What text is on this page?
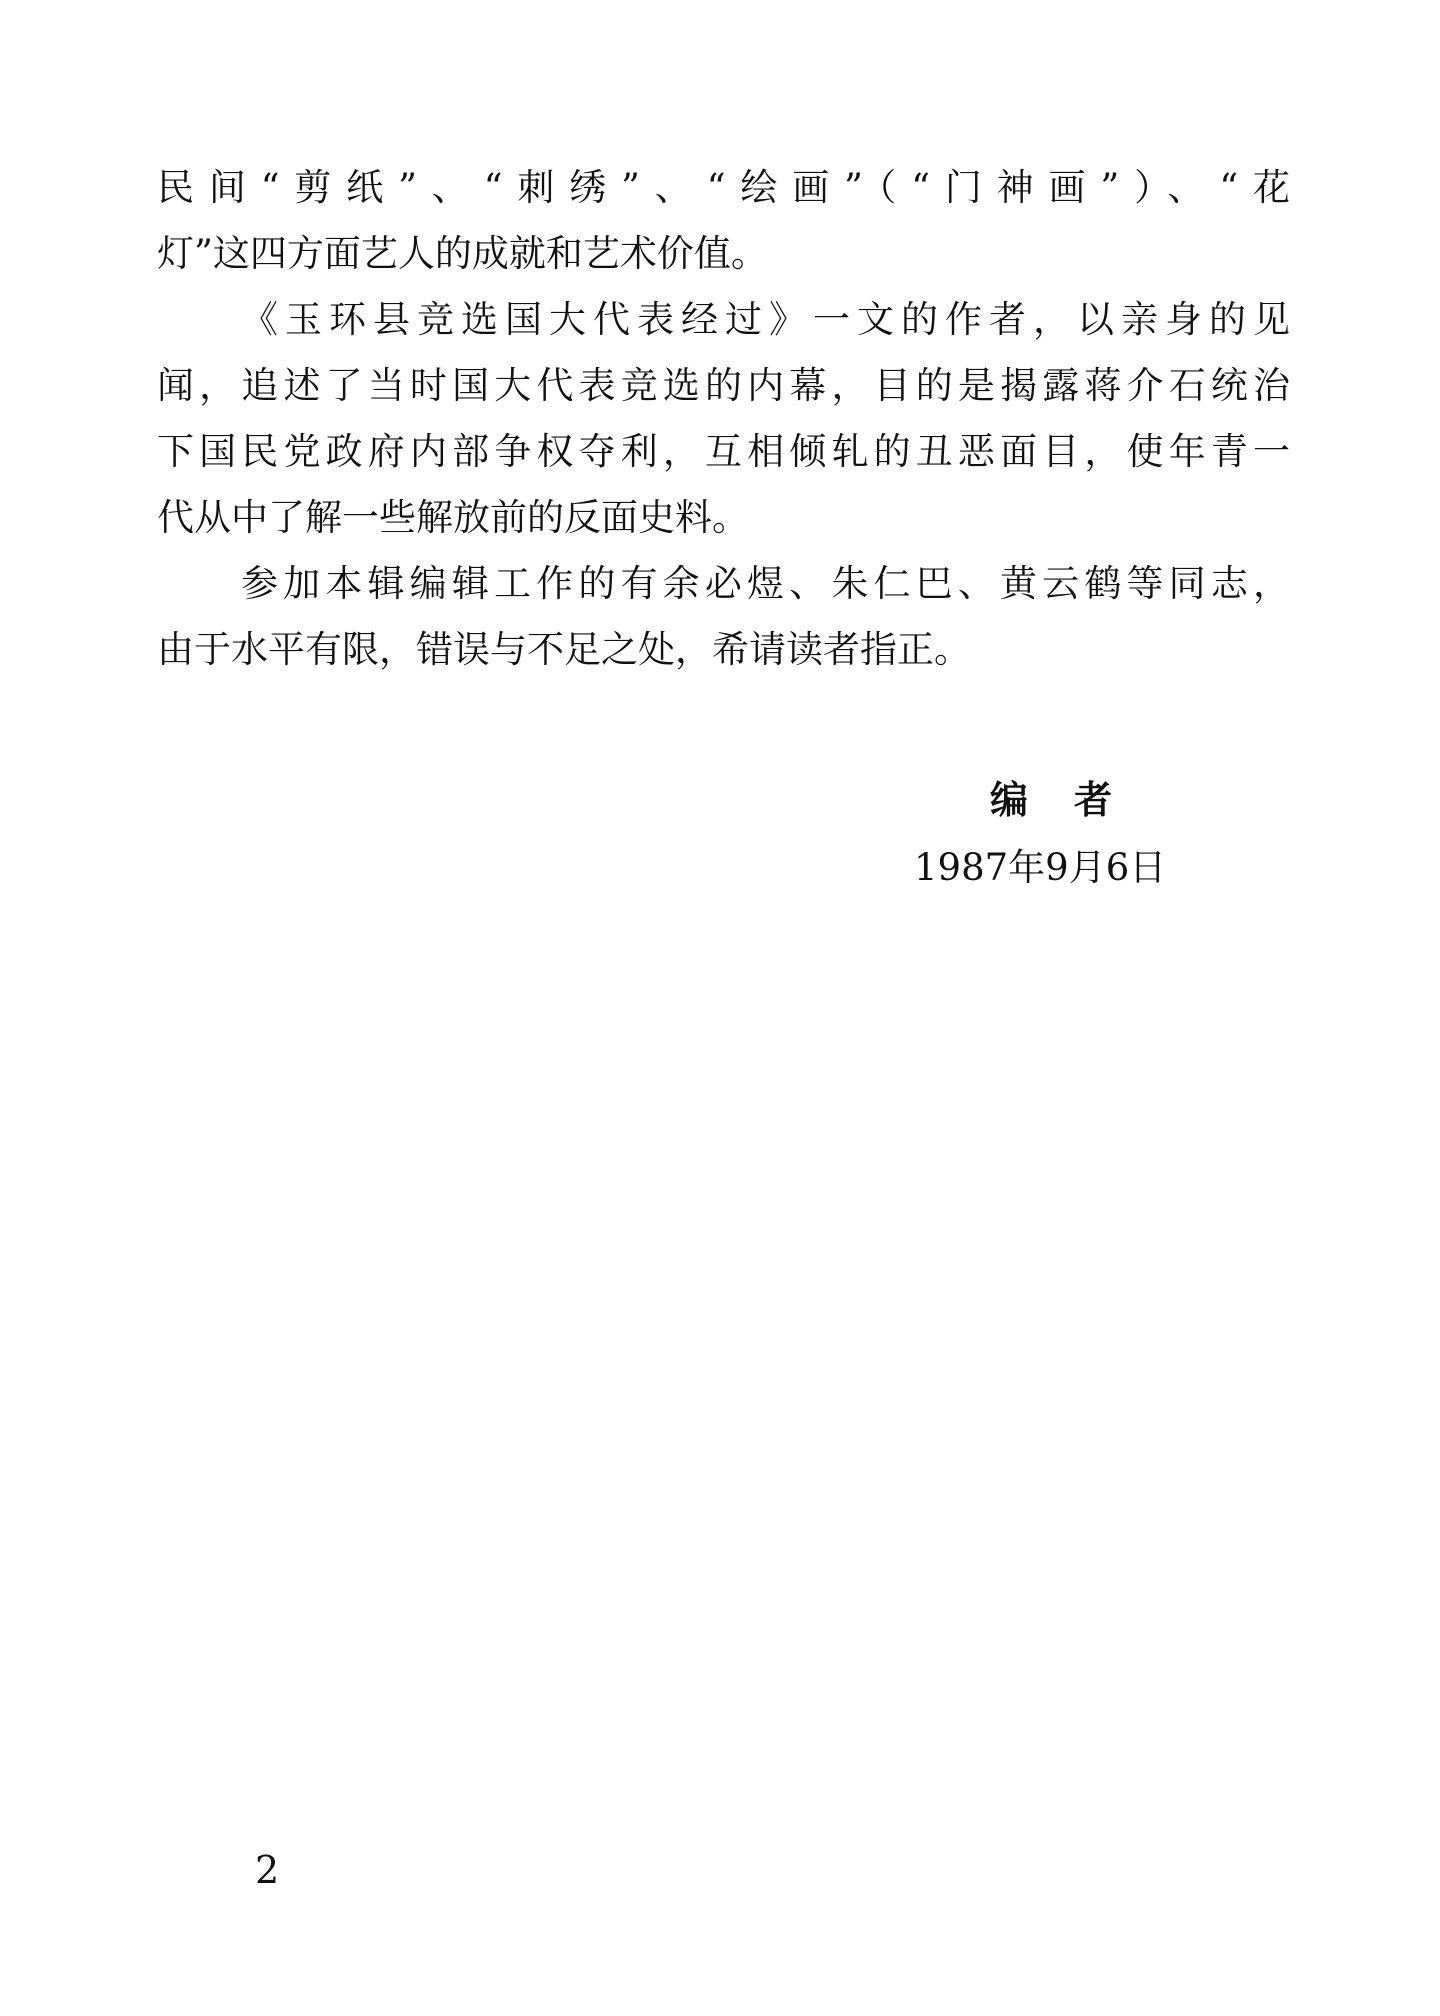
民间“剪纸”、“刺绣”、“绘画”（“门神画”）、“花
灯”这四方面艺人的成就和艺术价值。
《玉环县竞选国大代表经过》一文的作者，以亲身的见
闻，追述了当时国大代表竞选的内幕，目的是揭露蒋介石统治
下国民党政府内部争权夺利，互相倾轧的丑恶面目，使年青一
代从中了解一些解放前的反面史料。
参加本辑编辑工作的有余必煜、朱仁巴、黄云鹤等同志，
由于水平有限，错误与不足之处，希请读者指正。
编者
1987年9月6日
2
